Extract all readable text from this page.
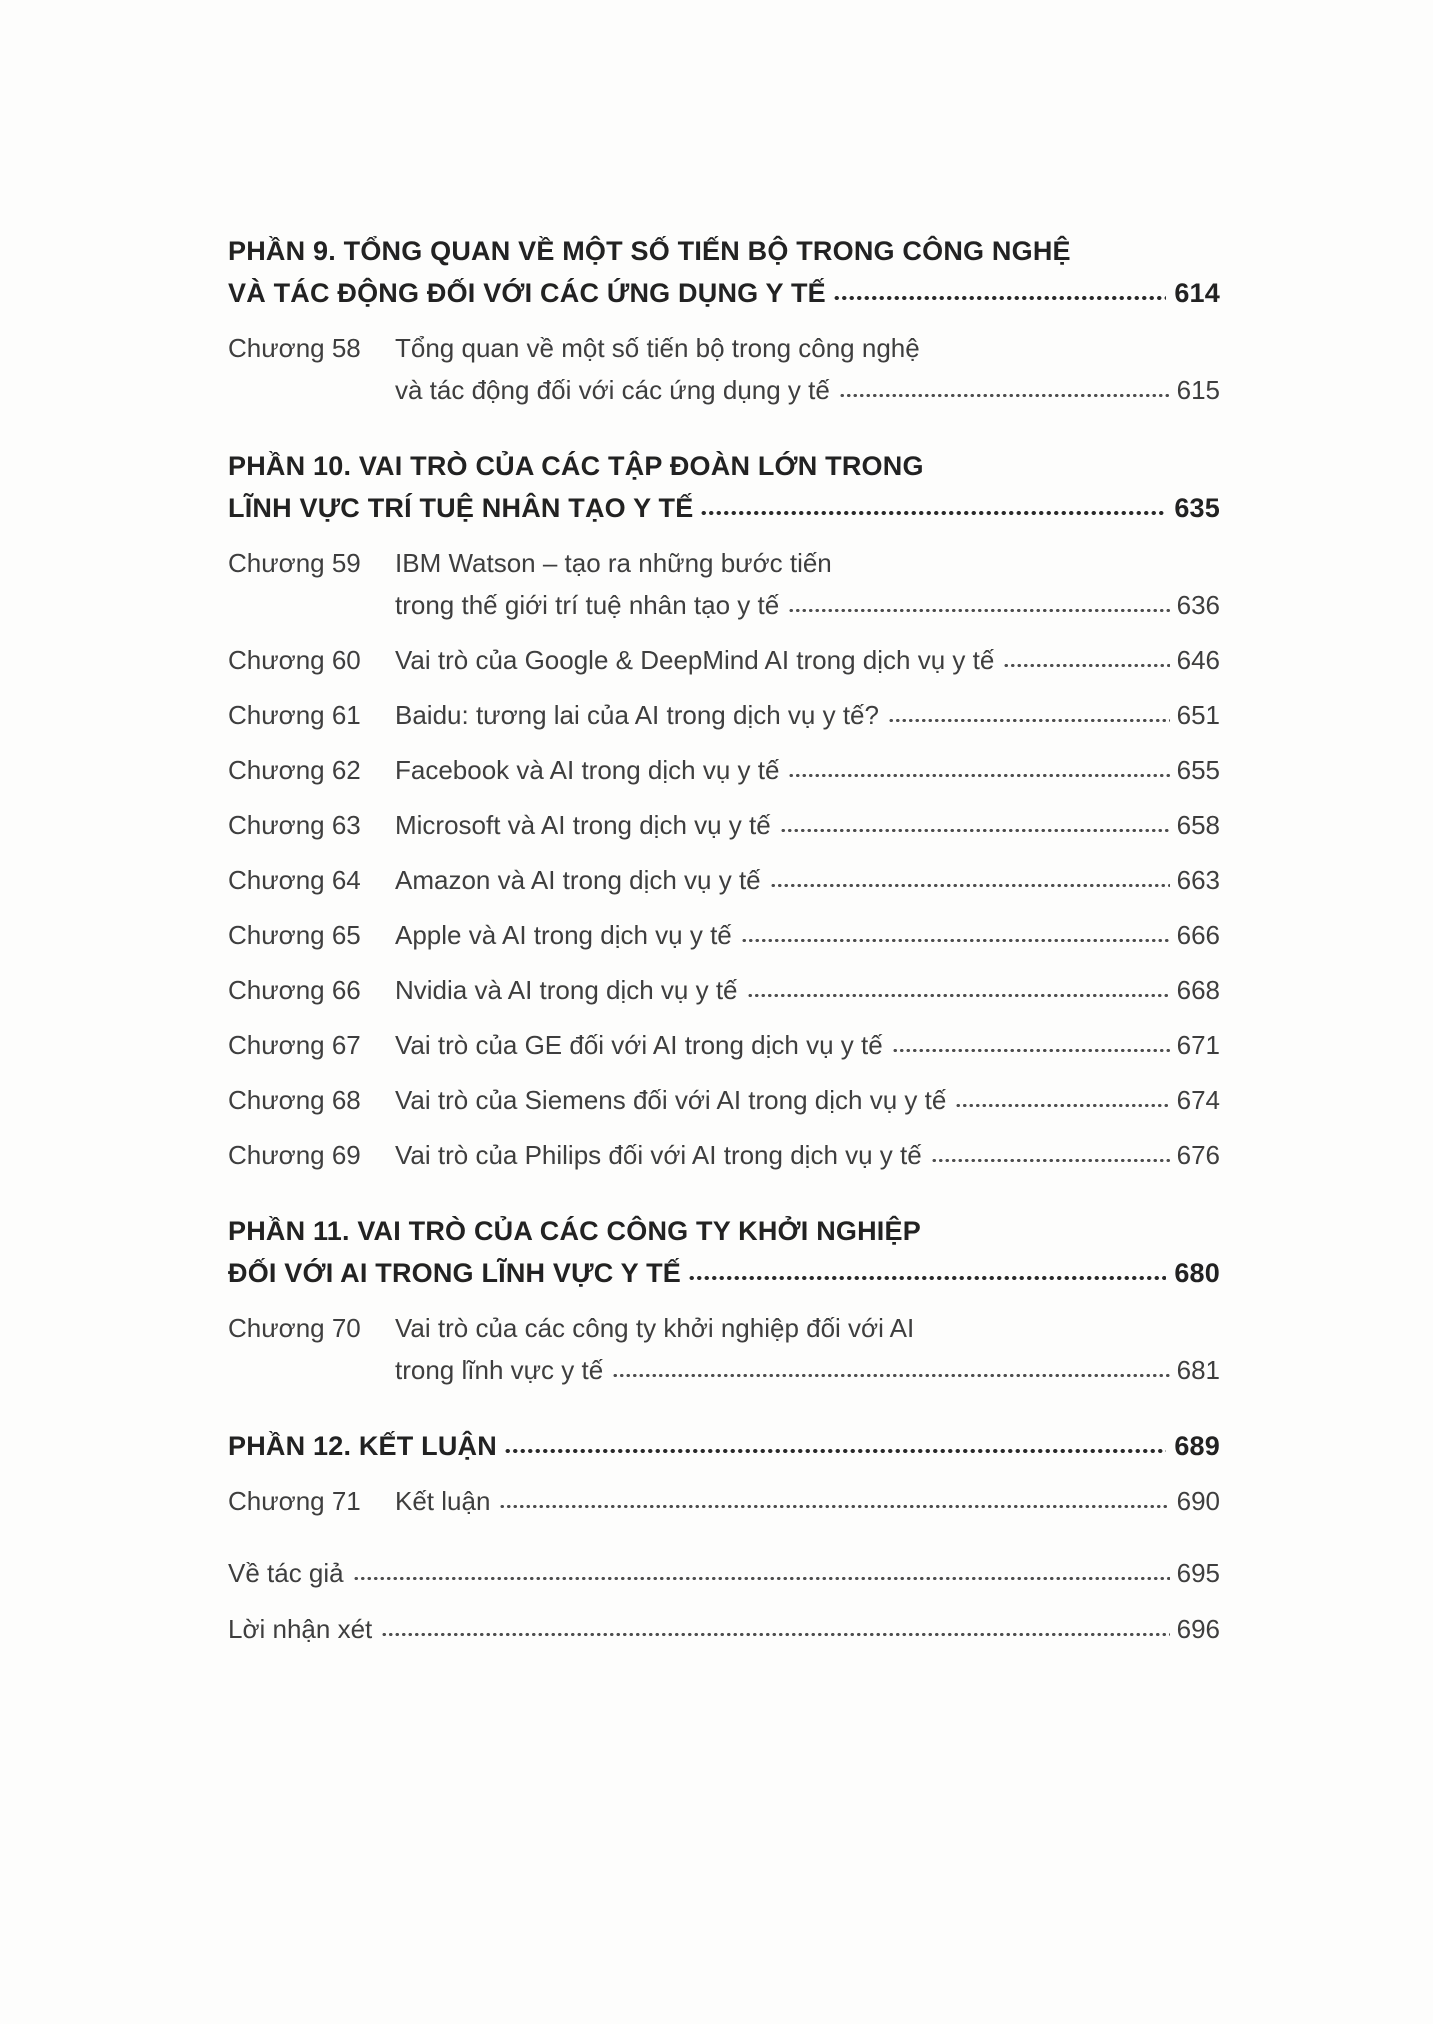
PHẦN 9. TỔNG QUAN VỀ MỘT SỐ TIẾN BỘ TRONG CÔNG NGHỆ
VÀ TÁC ĐỘNG ĐỐI VỚI CÁC ỨNG DỤNG Y TẾ	614
Chương 58	Tổng quan về một số tiến bộ trong công nghệ
và tác động đối với các ứng dụng y tế	615
PHẦN 10. VAI TRÒ CỦA CÁC TẬP ĐOÀN LỚN TRONG
LĨNH VỰC TRÍ TUỆ NHÂN TẠO Y TẾ	635
Chương 59	IBM Watson – tạo ra những bước tiến
trong thế giới trí tuệ nhân tạo y tế	636
Chương 60	Vai trò của Google & DeepMind AI trong dịch vụ y tế	646
Chương 61	Baidu: tương lai của AI trong dịch vụ y tế?	651
Chương 62	Facebook và AI trong dịch vụ y tế	655
Chương 63	Microsoft và AI trong dịch vụ y tế	658
Chương 64	Amazon và AI trong dịch vụ y tế	663
Chương 65	Apple và AI trong dịch vụ y tế	666
Chương 66	Nvidia và AI trong dịch vụ y tế	668
Chương 67	Vai trò của GE đối với AI trong dịch vụ y tế	671
Chương 68	Vai trò của Siemens đối với AI trong dịch vụ y tế	674
Chương 69	Vai trò của Philips đối với AI trong dịch vụ y tế	676
PHẦN 11. VAI TRÒ CỦA CÁC CÔNG TY KHỞI NGHIỆP
ĐỐI VỚI AI TRONG LĨNH VỰC Y TẾ	680
Chương 70	Vai trò của các công ty khởi nghiệp đối với AI
trong lĩnh vực y tế	681
PHẦN 12. KẾT LUẬN	689
Chương 71	Kết luận	690
Về tác giả	695
Lời nhận xét	696
